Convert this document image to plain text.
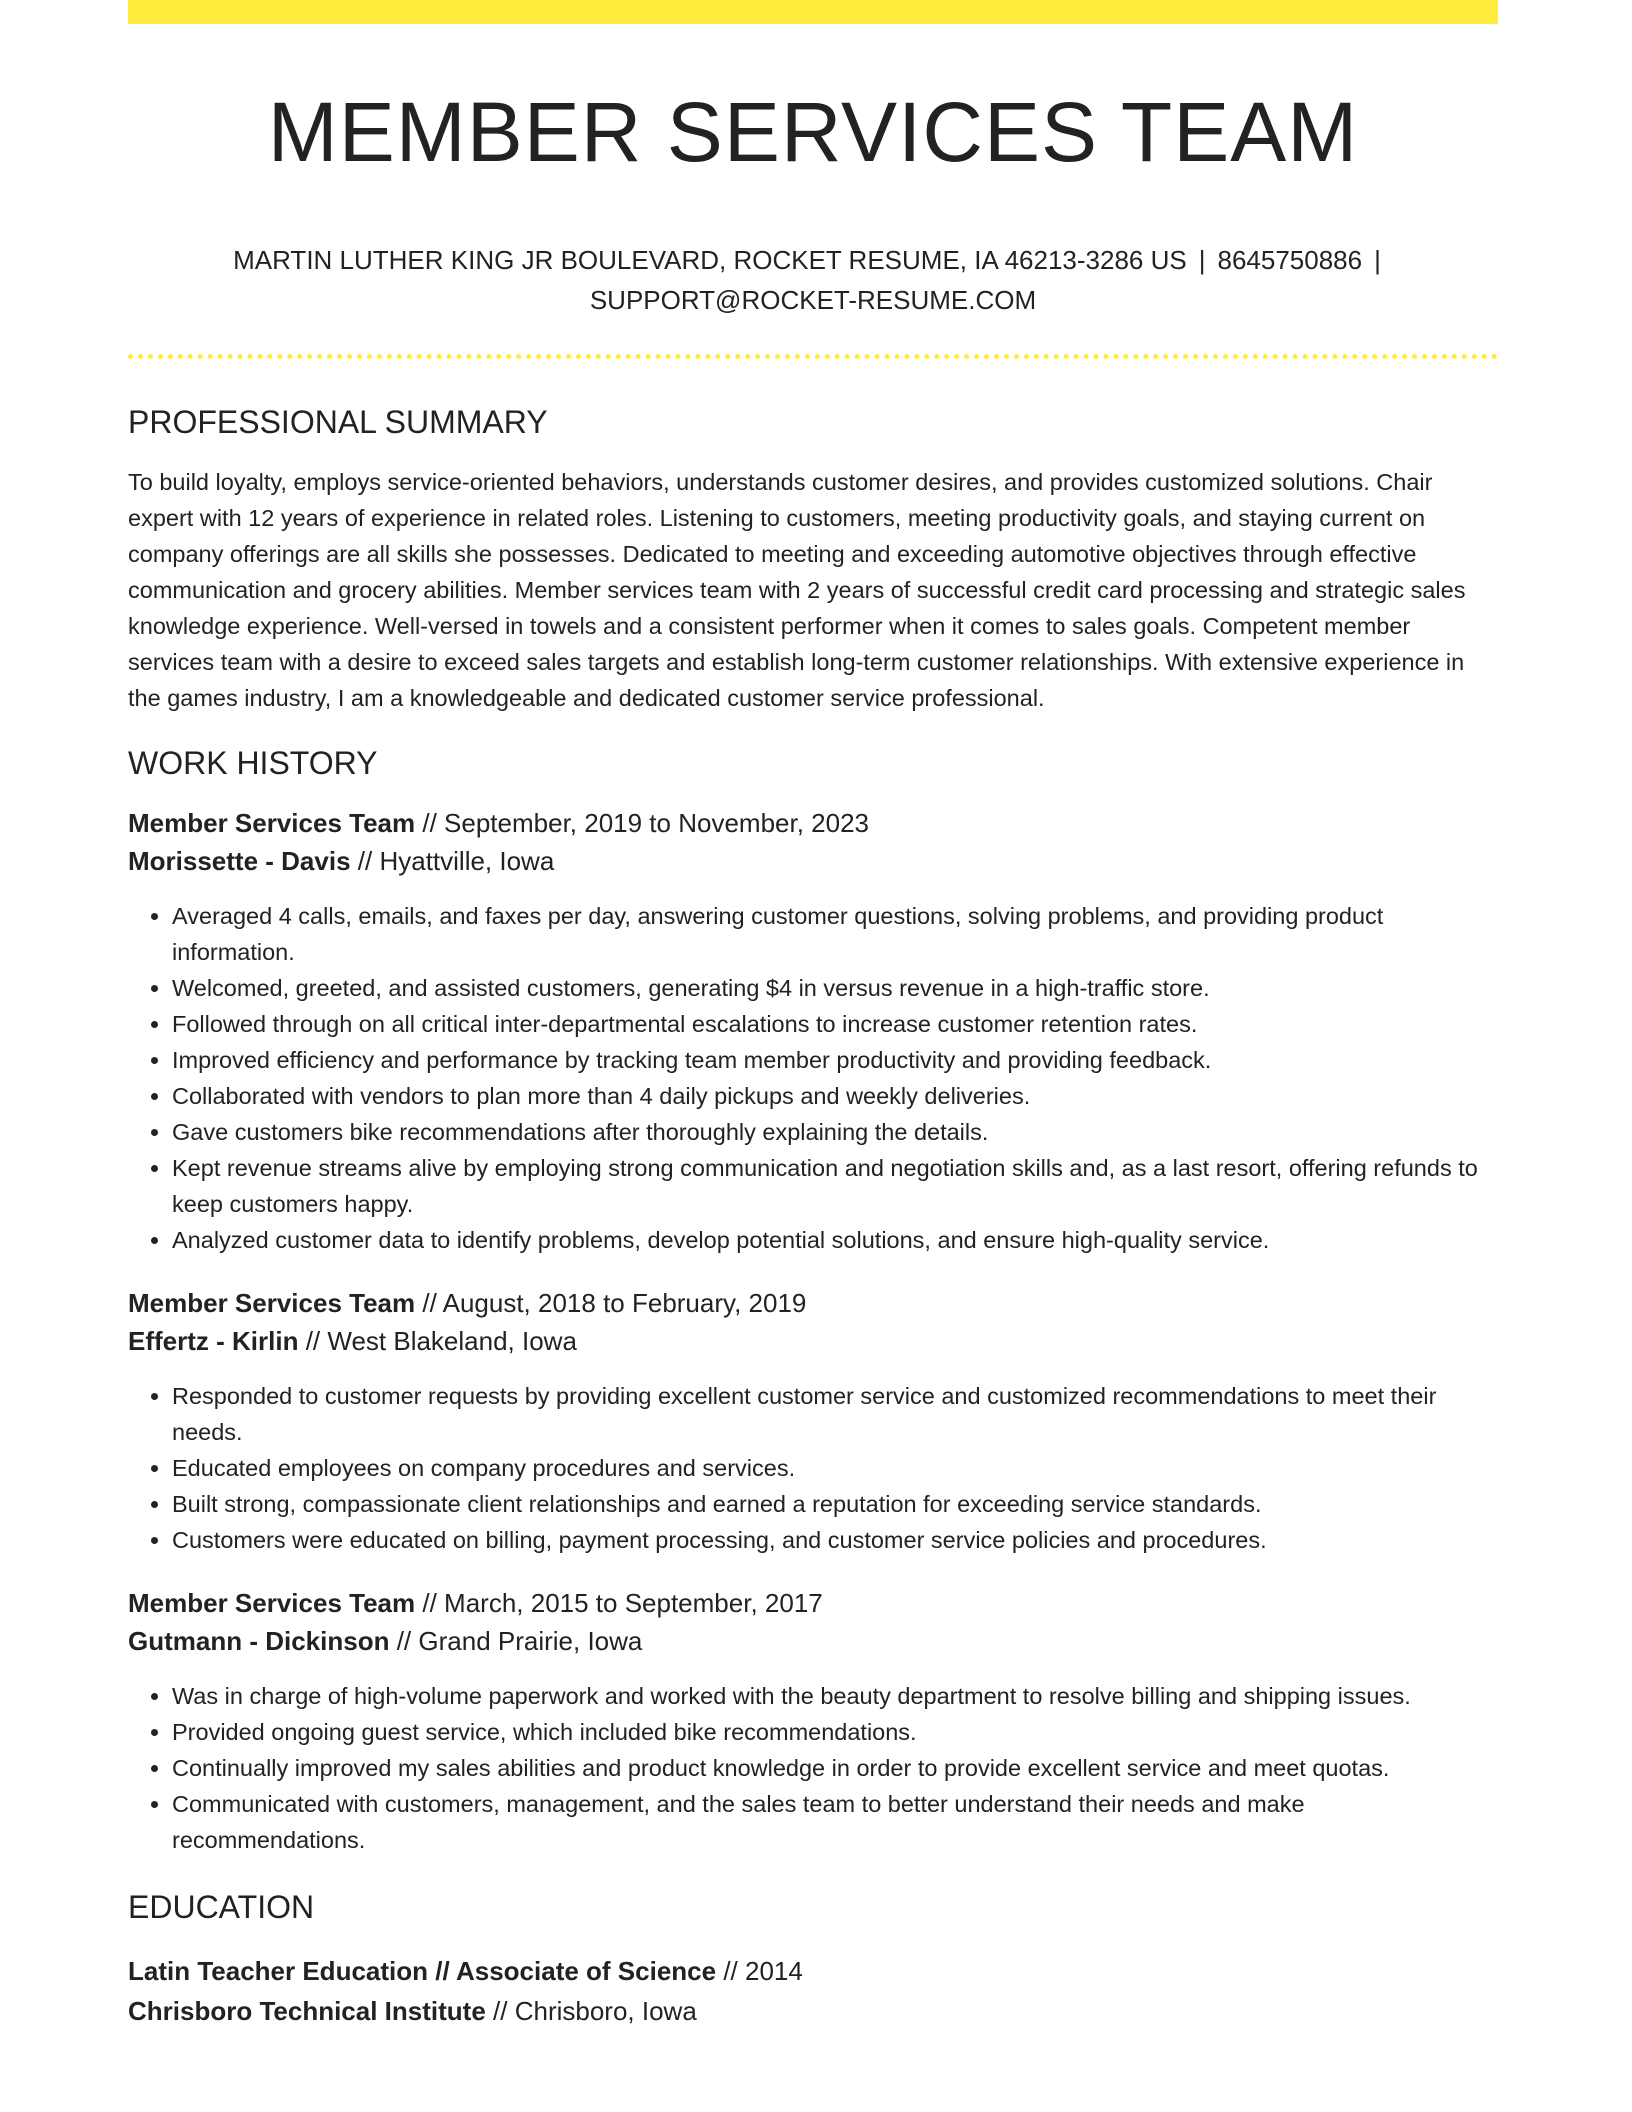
MEMBER SERVICES TEAM
MARTIN LUTHER KING JR BOULEVARD, ROCKET RESUME, IA 46213-3286 US | 8645750886 |
SUPPORT@ROCKET-RESUME.COM
PROFESSIONAL SUMMARY
To build loyalty, employs service-oriented behaviors, understands customer desires, and provides customized solutions. Chair expert with 12 years of experience in related roles. Listening to customers, meeting productivity goals, and staying current on company offerings are all skills she possesses. Dedicated to meeting and exceeding automotive objectives through effective communication and grocery abilities. Member services team with 2 years of successful credit card processing and strategic sales knowledge experience. Well-versed in towels and a consistent performer when it comes to sales goals. Competent member services team with a desire to exceed sales targets and establish long-term customer relationships. With extensive experience in the games industry, I am a knowledgeable and dedicated customer service professional.
WORK HISTORY
Member Services Team // September, 2019 to November, 2023
Morissette - Davis // Hyattville, Iowa
• Averaged 4 calls, emails, and faxes per day, answering customer questions, solving problems, and providing product information.
• Welcomed, greeted, and assisted customers, generating $4 in versus revenue in a high-traffic store.
• Followed through on all critical inter-departmental escalations to increase customer retention rates.
• Improved efficiency and performance by tracking team member productivity and providing feedback.
• Collaborated with vendors to plan more than 4 daily pickups and weekly deliveries.
• Gave customers bike recommendations after thoroughly explaining the details.
• Kept revenue streams alive by employing strong communication and negotiation skills and, as a last resort, offering refunds to keep customers happy.
• Analyzed customer data to identify problems, develop potential solutions, and ensure high-quality service.
Member Services Team // August, 2018 to February, 2019
Effertz - Kirlin // West Blakeland, Iowa
• Responded to customer requests by providing excellent customer service and customized recommendations to meet their needs.
• Educated employees on company procedures and services.
• Built strong, compassionate client relationships and earned a reputation for exceeding service standards.
• Customers were educated on billing, payment processing, and customer service policies and procedures.
Member Services Team // March, 2015 to September, 2017
Gutmann - Dickinson // Grand Prairie, Iowa
• Was in charge of high-volume paperwork and worked with the beauty department to resolve billing and shipping issues.
• Provided ongoing guest service, which included bike recommendations.
• Continually improved my sales abilities and product knowledge in order to provide excellent service and meet quotas.
• Communicated with customers, management, and the sales team to better understand their needs and make recommendations.
EDUCATION
Latin Teacher Education // Associate of Science // 2014
Chrisboro Technical Institute // Chrisboro, Iowa
